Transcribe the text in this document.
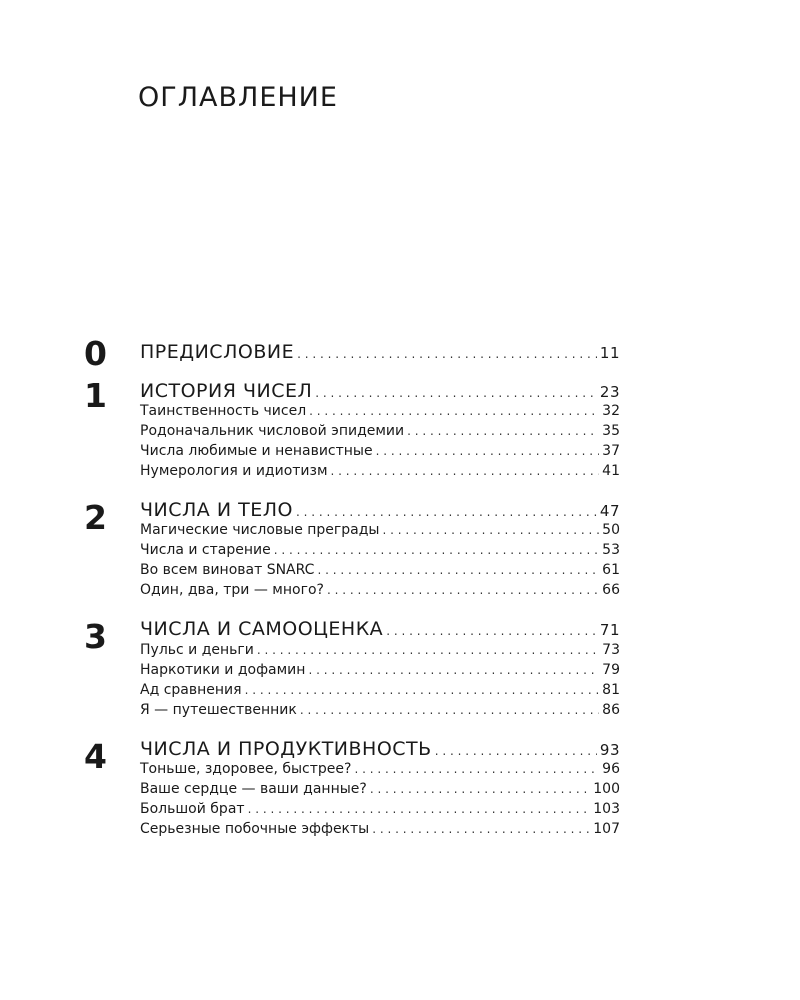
ОГЛАВЛЕНИЕ
0	ПРЕДИСЛОВИЕ . . .	11
1	ИСТОРИЯ ЧИСЕЛ . . .	23
Таинственность чисел . . .	32
Родоначальник числовой эпидемии . . .	35
Числа любимые и ненавистные . . .	37
Нумерология и идиотизм . . .	41
2	ЧИСЛА И ТЕЛО . . .	47
Магические числовые преграды . . .	50
Числа и старение . . .	53
Во всем виноват SNARC . . .	61
Один, два, три — много? . . .	66
3	ЧИСЛА И САМООЦЕНКА . . .	71
Пульс и деньги . . .	73
Наркотики и дофамин . . .	79
Ад сравнения . . .	81
Я — путешественник . . .	86
4	ЧИСЛА И ПРОДУКТИВНОСТЬ . . .	93
Тоньше, здоровее, быстрее? . . .	96
Ваше сердце — ваши данные? . . .	100
Большой брат . . .	103
Серьезные побочные эффекты . . .	107
